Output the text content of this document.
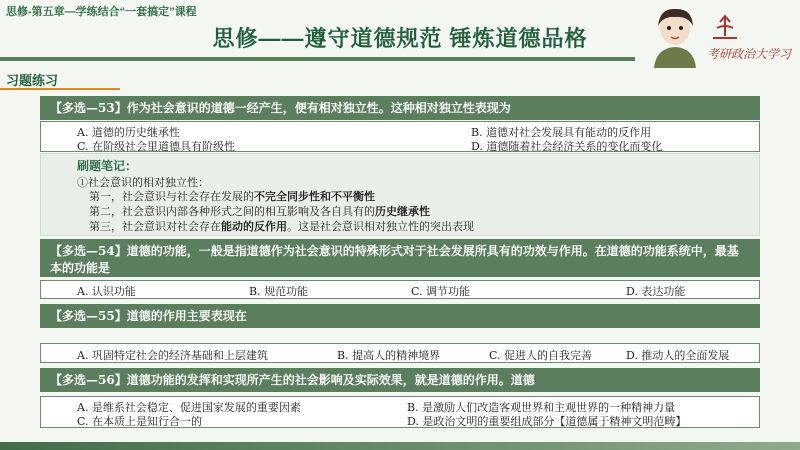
思修-第五章—学练结合“一套搞定”课程
思修——遵守道德规范 锤炼道德品格
考研政治大学习
习题练习
【多选—53】作为社会意识的道德一经产生，便有相对独立性。这种相对独立性表现为
A. 道德的历史继承性	B. 道德对社会发展具有能动的反作用
C. 在阶级社会里道德具有阶级性	D. 道德随着社会经济关系的变化而变化
刷题笔记：
①社会意识的相对独立性：
第一，社会意识与社会存在发展的不完全同步性和不平衡性
第二，社会意识内部各种形式之间的相互影响及各自具有的历史继承性
第三，社会意识对社会存在能动的反作用。这是社会意识相对独立性的突出表现
【多选—54】道德的功能，一般是指道德作为社会意识的特殊形式对于社会发展所具有的功效与作用。在道德的功能系统中，最基本的功能是
A. 认识功能	B. 规范功能	C. 调节功能	D. 表达功能
【多选—55】道德的作用主要表现在
A. 巩固特定社会的经济基础和上层建筑	B. 提高人的精神境界	C. 促进人的自我完善	D. 推动人的全面发展
【多选—56】道德功能的发挥和实现所产生的社会影响及实际效果，就是道德的作用。道德
A. 是维系社会稳定、促进国家发展的重要因素	B. 是激励人们改造客观世界和主观世界的一种精神力量
C. 在本质上是知行合一的	D. 是政治文明的重要组成部分【道德属于精神文明范畴】
